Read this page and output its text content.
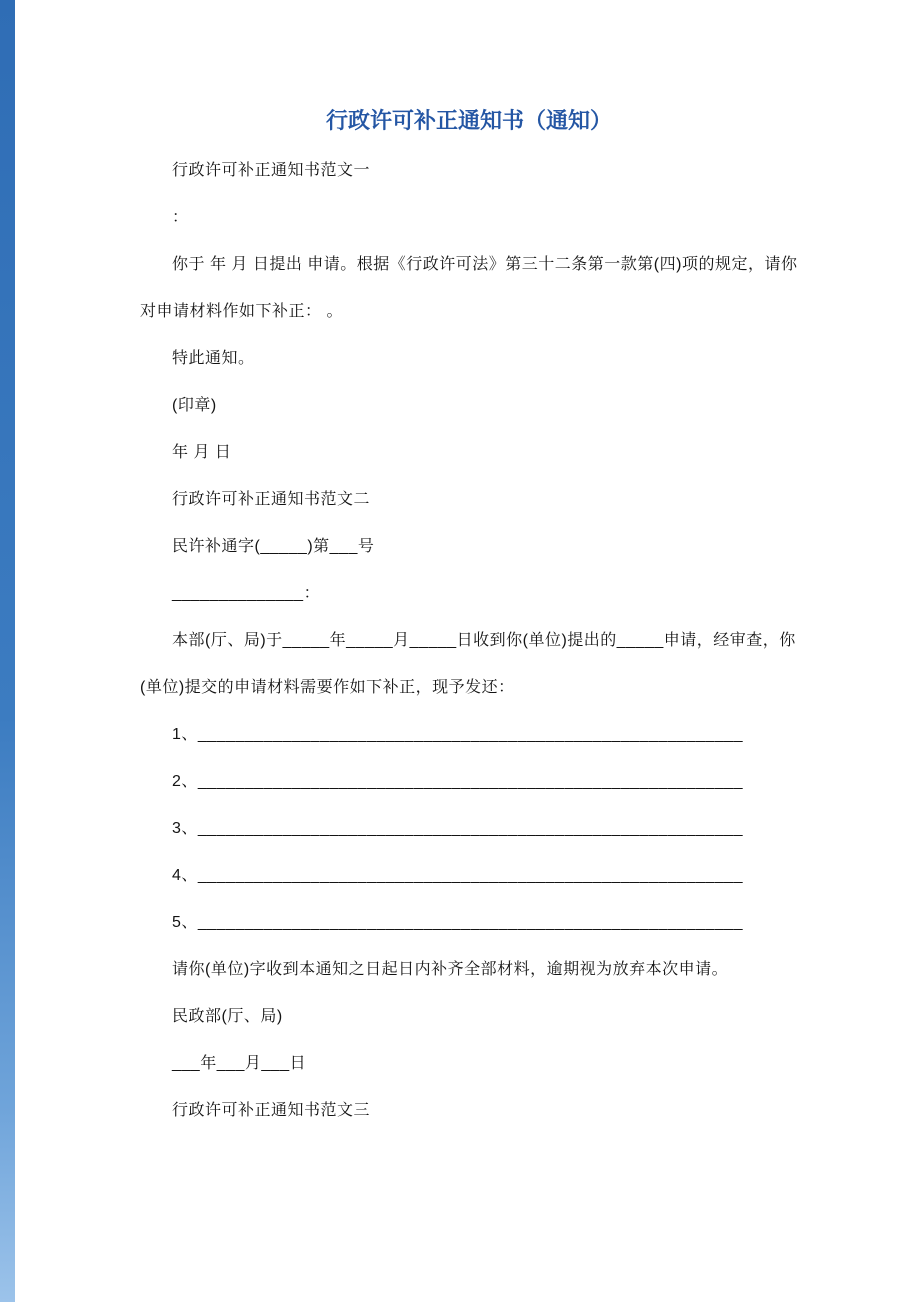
行政许可补正通知书（通知）

行政许可补正通知书范文一

：

你于 年 月 日提出 申请。根据《行政许可法》第三十二条第一款第(四)项的规定，请你对申请材料作如下补正： 。

特此通知。

(印章)

年 月 日

行政许可补正通知书范文二

民许补通字(_____)第___号

______________：

本部(厅、局)于_____年_____月_____日收到你(单位)提出的_____申请，经审查，你(单位)提交的申请材料需要作如下补正，现予发还：

1、__________________________________________________________

2、__________________________________________________________

3、__________________________________________________________

4、__________________________________________________________

5、__________________________________________________________

请你(单位)字收到本通知之日起日内补齐全部材料，逾期视为放弃本次申请。

民政部(厅、局)

___年___月___日

行政许可补正通知书范文三
